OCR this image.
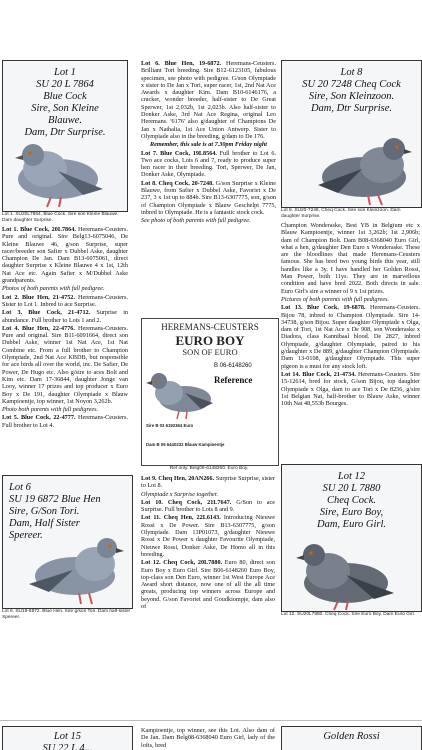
Lot 1
SU 20 L 7864
Blue Cock
Sire, Son Kleine
Blauwe.
Dam, Dtr Surprise.
Lot 1. SU20L7864, Blue Cock. Sire son Kleine Blauwe. Dam daughter Surprise.

Lot 1. Blue Cock, 20L7864. Heremans-Ceusters. Pure and original. Sire Belg13-6075046, De Kleine Blauwe 46, g/son Surprise, super racer/breeder son Safier x Dubbel Aske, daughter Champion De Jan. Dam B13-6075061, direct daughter Surprise x Kleine Blauwe 4 x 1st, 12th Nat Ace etc. Again Safier x M/Dubbel Aske grandparents.

Photos of both parents with full pedigree.

Lot 2. Blue Hen, 21-4752. Heremans-Ceusters. Sister to Lot 1. Inbred to ace Surprise.

Lot 3. Blue Cock, 21-4712. Surprise in abundance. Full brother to Lots 1 and 2.

Lot 4. Blue Hen, 22-4776. Heremans-Ceusters. Pure and original. Sire B11-6091664, direct son Dubbel Aske, winner 1st Nat Ace, 1st Nat Combine etc. From a full brother to Champion Olympiade, 2nd Nat Ace KBDB, but responsible for ace birds all over the world, inc. De Safier, De Power, De Hugo etc. Also g/sire to aces Bolt and Kim etc. Dam 17-36844, daughter Jonge van Looy, winner 17 prizes and top producer x Euro Boy x De 191, daughter Olympiade x Blauw Kampioentje, top winner, 1st Noyon 3,262b.

Photo both parents with full pedigrees.

Lot 5. Blue Cock, 22-4777. Heremans-Ceusters. Full brother to Lot 4.

Lot 6. Blue Hen, 19-6872. Heremans-Ceusters. Brilliant Tori breeding. Sire B12-6123105, fabulous specimen, see photo with pedigree. G/son Olympiade x sister to De Jan x Tori, super racer, 1st, 2nd Nat Ace Awards x daughter Kim. Dam B10-6146176, a cracker, wonder breeder, half-sister to De Great Sperwer, 1st 2,032b, 1st 2,023b. Also half-sister to Donker Aske, 3rd Nat Ace Regina, original Leo Heremans. '6176' also g/daughter of Champions De Jan x Nathalia, 1st Ace Union Antwerp. Sister to Olympiade also in the breeding, g/dam to De 176.

Remember, this sale is at 7.30pm Friday night

Lot 7. Blue Cock, 19L8564. Full brother to Lot 6. Two ace cocks, Lots 6 and 7, ready to produce super hen racer in their breeding. Tori, Sperwer, De Jan, Donker Aske, Olympiade.

Lot 8. Cheq Cock, 20-7248. G/son Surprise x Kleine Blauwe, from Safier x Dubbel Aske, Favoriet x De 237, 3 x 1st up to 884b. Sire B13-6307775, son, g/son of Champion Olympiade x Blauw Geschelpt 7775, inbred to Olympiade. He is a fantastic stock cock.

See photo of both parents with full pedigree.

Lot 8
SU 20 7248 Cheq Cock
Sire, Son Kleinzoon.
Dam, Dtr Surprise.
Lot 8. SU20-7248, Cheq Cock. Sire son Kleinzoon. Dam daughter Surprise.

Champion Wonderaske, Best YB in Belgium etc x Blauw Kampioentje, winner 1st 3,262b; 1st 2,906b; dam of Champion Bolt. Dam B08-6368040 Euro Girl, what a hen, g/daughter Den Euro x Wonderaske. These are the bloodlines that made Heremans-Ceusters famous. She has bred two young birds this year, still handles like a 3y. I have handled her Golden Rossi, Man Power, both 11ys. They are in marvellous condition and have bred 2022. Both directs in sale. Euro Girl's sire a winner of 9 x 1st prizes.

Pictures of both parents with full pedigrees.

Lot 13. Blue Cock, 19-6878. Heremans-Ceusters. Bijou 78, inbred to Champion Olympiade. Sire 14-34738, g/son Bijou. Super daughter Olympiade x Olga, dam of Tori, 1st Nat Ace x De 908, son Wonderaske x Diadora, class Kannibaal blood. De 2827, inbred Olympiade, g/daughter Olympiade, paired to his g/daughter x De 889, g/daughter Champion Olympiade. Dam 13-0108, g/daughter Olympiade. This super pigeon is a must for any stock loft.

Lot 14. Blue Cock, 21-4734. Heremans-Ceusters. Sire 15-12614, bred for stock, G/son Bijou, top daughter Olympiade x Olga, dam to ace Tori x De 8256, g/sire 1st Belgian Nat, half-brother to Blauw Aske, winner 10th Nat 48,553b Bourges.

HEREMANS-CEUSTERS
EURO BOY
SON OF EURO
B 06-6148260
Reference
Sire B 03 6192364 Euro
Dam B 06 6440232 Blauw Kampioentje
Ref only. Belg06-6148260. Euro Boy.
Lot 6
SU 19 6872 Blue Hen
Sire, G/Son Tori.
Dam, Half Sister
Spereer.
Lot 6. SU19-6872. Blue Hen. Sire g/son Tori. Dam half-sister Spereer.

Lot 9. Cheq Hen, 20AN266. Surprise Surprise, sister to Lot 8.

Olympiade x Surprise together.

Lot 10. Cheq Cock, 21L7647. G/Son to ace Surprise. Full brother to Lots 8 and 9.

Lot 11. Cheq Hen, 22L6143. Introducing Nieuwe Rossi x De Power. Sire B13-6307775, g/son Olympiade. Dam 13P01073, g/daughter Nieuwe Rossi x De Power x daughter Favourite Olympiade, Nieuwe Rossi, Donker Aske, De Homo all in this breeding.

Lot 12. Cheq Cock, 20L7880. Euro 80, direct son Euro Boy x Euro Girl. Sire B06-6148260 Euro Boy, top-class son Den Euro, winner 1st West Europe Ace Award short distance, now one of all the all time greats, producing top winners across Europe and beyond. G/son Favoriet and Goudkiompje, dam also of

Lot 12
SU 20 L 7880
Cheq Cock.
Sire, Euro Boy,
Dam, Euro Girl.
Lot 12. SU20L7880. Cheq Cock. Sire Euro Boy. Dam Euro Girl.
Lot 15
SU 22 L 4...
Kampioentje, top winner, see this Lot. Also dam of De Jan. Dam Belg08-6368040 Euro Girl, lady of the lofts, bred
Golden Rossi
